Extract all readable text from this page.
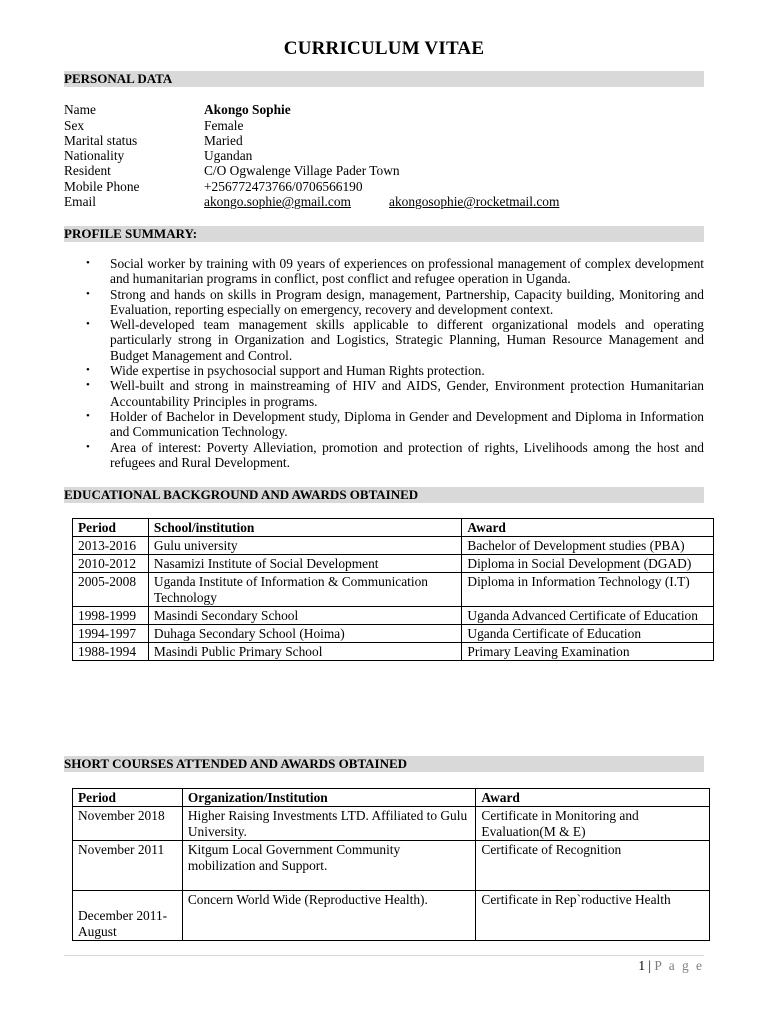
CURRICULUM VITAE
PERSONAL DATA
Name	Akongo Sophie
Sex	Female
Marital status	Maried
Nationality	Ugandan
Resident	C/O Ogwalenge Village Pader Town
Mobile Phone	+256772473766/0706566190
Email	akongo.sophie@gmail.com	akongosophie@rocketmail.com
PROFILE SUMMARY:
• Social worker by training with 09 years of experiences on professional management of complex development and humanitarian programs in conflict, post conflict and refugee operation in Uganda.
• Strong and hands on skills in Program design, management, Partnership, Capacity building, Monitoring and Evaluation, reporting especially on emergency, recovery and development context.
• Well-developed team management skills applicable to different organizational models and operating particularly strong in Organization and Logistics, Strategic Planning, Human Resource Management and Budget Management and Control.
• Wide expertise in psychosocial support and Human Rights protection.
• Well-built and strong in mainstreaming of HIV and AIDS, Gender, Environment protection Humanitarian Accountability Principles in programs.
• Holder of Bachelor in Development study, Diploma in Gender and Development and Diploma in Information and Communication Technology.
• Area of interest: Poverty Alleviation, promotion and protection of rights, Livelihoods among the host and refugees and Rural Development.
EDUCATIONAL BACKGROUND AND AWARDS OBTAINED
Period	School/institution	Award
2013-2016	Gulu university	Bachelor of Development studies (PBA)
2010-2012	Nasamizi Institute of Social Development	Diploma in Social Development (DGAD)
2005-2008	Uganda Institute of Information & Communication Technology	Diploma in Information Technology (I.T)
1998-1999	Masindi Secondary School	Uganda Advanced Certificate of Education
1994-1997	Duhaga Secondary School (Hoima)	Uganda Certificate of Education
1988-1994	Masindi Public Primary School	Primary Leaving Examination
SHORT COURSES ATTENDED AND AWARDS OBTAINED
Period	Organization/Institution	Award
November 2018	Higher Raising Investments LTD. Affiliated to Gulu University.	Certificate in Monitoring and Evaluation(M & E)
November 2011	Kitgum Local Government Community mobilization and Support.	Certificate of Recognition
December 2011-August	Concern World Wide (Reproductive Health).	Certificate in Rep`roductive Health
1 | P a g e
